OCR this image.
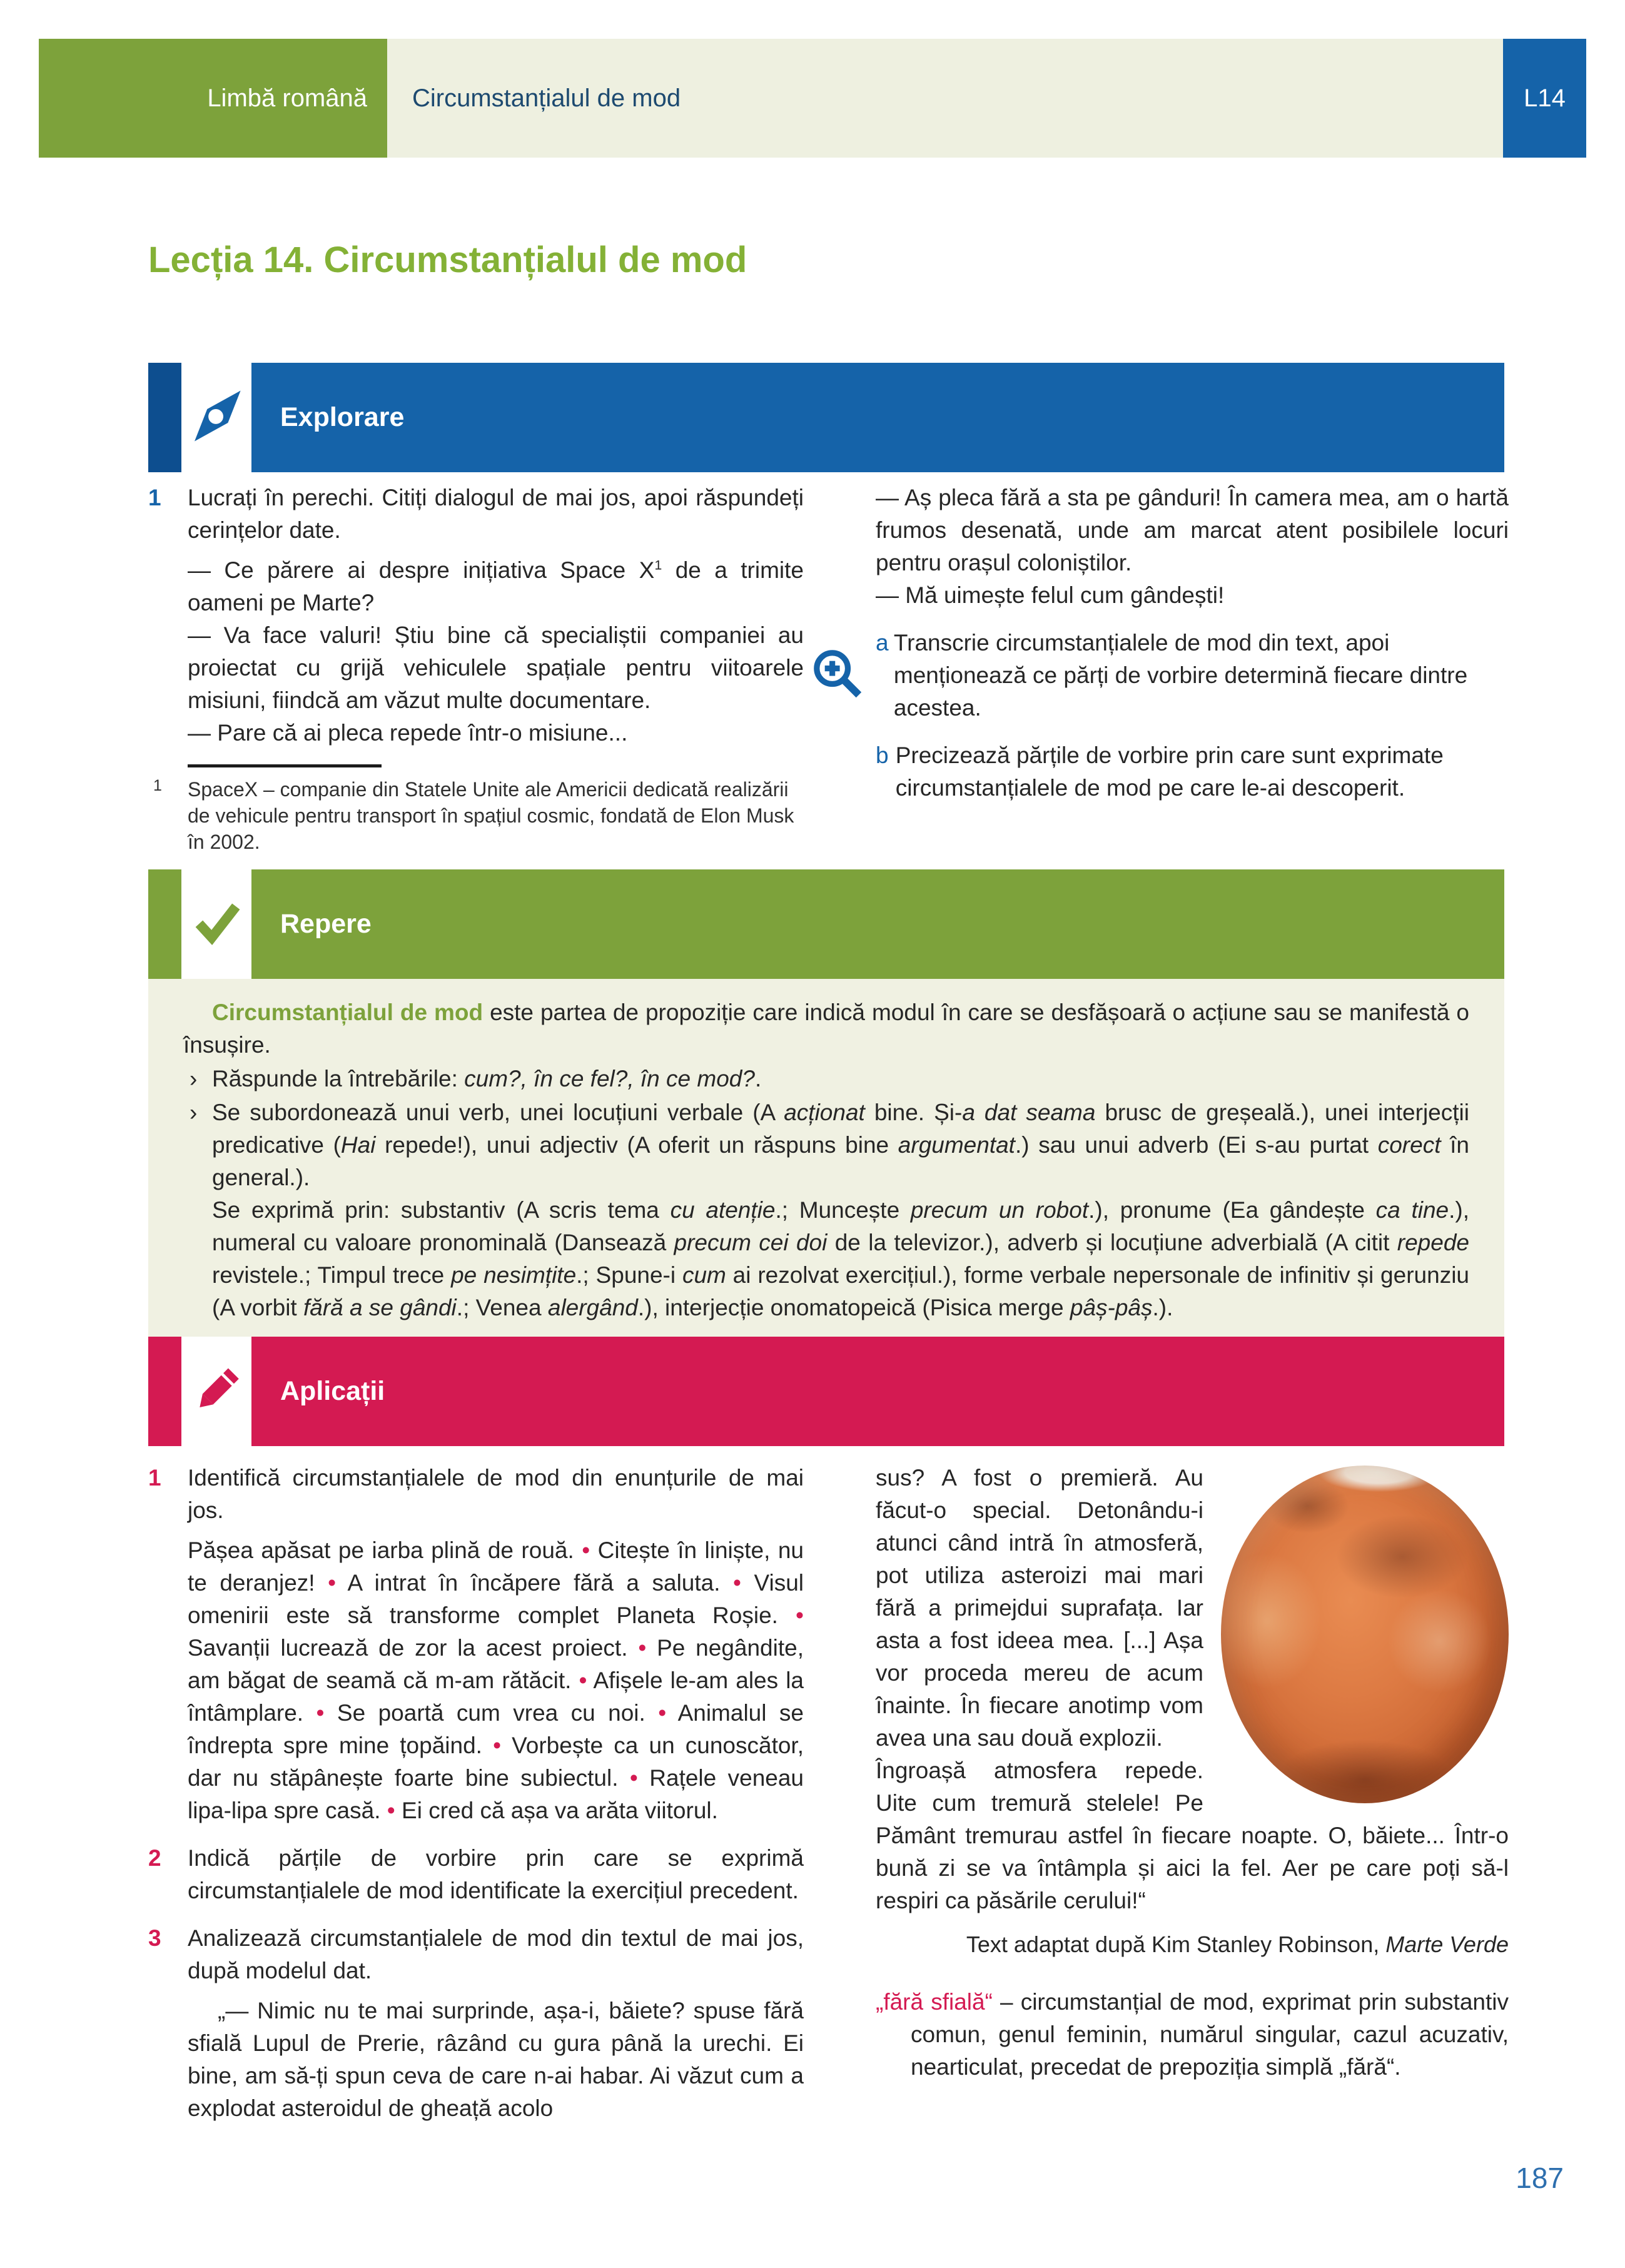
Limbă română	Circumstanțialul de mod	L14
Lecția 14. Circumstanțialul de mod
Explorare
1	Lucrați în perechi. Citiți dialogul de mai jos, apoi răspundeți cerințelor date.

— Ce părere ai despre inițiativa Space $X^1$ de a trimite oameni pe Marte?

— Va face valuri! Știu bine că specialiștii companiei au proiectat cu grijă vehiculele spațiale pentru viitoarele misiuni, fiindcă am văzut multe documentare.

— Pare că ai pleca repede într-o misiune...

1	SpaceX – companie din Statele Unite ale Americii dedicată realizării de vehicule pentru transport în spațiul cosmic, fondată de Elon Musk în 2002.

— Aș pleca fără a sta pe gânduri! În camera mea, am o hartă frumos desenată, unde am marcat atent posibilele locuri pentru orașul coloniștilor.

— Mă uimește felul cum gândești!

a Transcrie circumstanțialele de mod din text, apoi menționează ce părți de vorbire determină fiecare dintre acestea.
b Precizează părțile de vorbire prin care sunt exprimate circumstanțialele de mod pe care le-ai descoperit.
Repere

Circumstanțialul de mod este partea de propoziție care indică modul în care se desfășoară o acțiune sau se manifestă o însușire.

› Răspunde la întrebările: cum?, în ce fel?, în ce mod?.
› Se subordonează unui verb, unei locuțiuni verbale (A acționat bine. Și-a dat seama brusc de greșeală.), unei interjecții predicative (Hai repede!), unui adjectiv (A oferit un răspuns bine argumentat.) sau unui adverb (Ei s-au purtat corect în general.).

Se exprimă prin: substantiv (A scris tema cu atenție.; Muncește precum un robot.), pronume (Ea gândește ca tine.), numeral cu valoare pronominală (Dansează precum cei doi de la televizor.), adverb și locuțiune adverbială (A citit repede revistele.; Timpul trece pe nesimțite.; Spune-i cum ai rezolvat exercițiul.), forme verbale nepersonale de infinitiv și gerunziu (A vorbit fără a se gândi.; Venea alergând.), interjecție onomatopeică (Pisica merge pâș-pâș.).

Aplicații
1	Identifică circumstanțialele de mod din enunțurile de mai jos.

Pășea apăsat pe iarba plină de rouă. • Citește în liniște, nu te deranjez! • A intrat în încăpere fără a saluta. • Visul omenirii este să transforme complet Planeta Roșie. • Savanții lucrează de zor la acest proiect. • Pe negândite, am băgat de seamă că m-am rătăcit. • Afișele le-am ales la întâmplare. • Se poartă cum vrea cu noi. • Animalul se îndrepta spre mine țopăind. • Vorbește ca un cunoscător, dar nu stăpânește foarte bine subiectul. • Rațele veneau lipa-lipa spre casă. • Ei cred că așa va arăta viitorul.

2	Indică părțile de vorbire prin care se exprimă circumstanțialele de mod identificate la exercițiul precedent.
3	Analizează circumstanțialele de mod din textul de mai jos, după modelul dat.

„— Nimic nu te mai surprinde, așa-i, băiete? spuse fără sfială Lupul de Prerie, râzând cu gura până la urechi. Ei bine, am să-ți spun ceva de care n-ai habar. Ai văzut cum a explodat asteroidul de gheață acolo

sus? A fost o premieră. Au făcut-o special. Detonându-i atunci când intră în atmosferă, pot utiliza asteroizi mai mari fără a primejdui suprafața. Iar asta a fost ideea mea. [...] Așa vor proceda mereu de acum înainte. În fiecare anotimp vom avea una sau două explozii.

Îngroașă atmosfera repede. Uite cum tremură stelele! Pe Pământ tremurau astfel în fiecare noapte. O, băiete... Într-o bună zi se va întâmpla și aici la fel. Aer pe care poți să-l respiri ca păsările cerului!“

Text adaptat după Kim Stanley Robinson, Marte Verde

„fără sfială“ – circumstanțial de mod, exprimat prin substantiv comun, genul feminin, numărul singular, cazul acuzativ, nearticulat, precedat de prepoziția simplă „fără“.

187
